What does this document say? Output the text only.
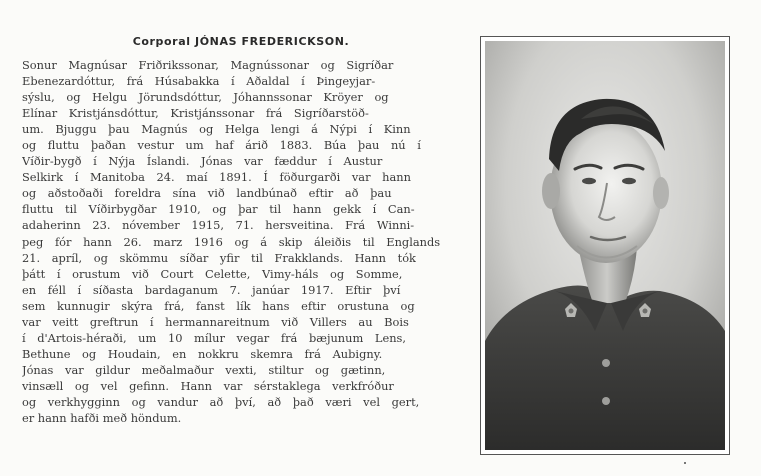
Corporal JÓNAS FREDERICKSON.
Sonur Magnúsar Friðrikssonar, Magnússonar og Sigríðar
Ebenezardóttur, frá Húsabakka í Aðaldal í Þingeyjar-
sýslu, og Helgu Jörundsdóttur, Jóhannssonar Kröyer og
Elínar Kristjánsdóttur, Kristjánssonar frá Sigríðarstöð-
um. Bjuggu þau Magnús og Helga lengi á Nýpi í Kinn
og fluttu þaðan vestur um haf árið 1883. Búa þau nú í
Víðir-bygð í Nýja Íslandi. Jónas var fæddur í Austur
Selkirk í Manitoba 24. maí 1891. Í föðurgarði var hann
og aðstoðaði foreldra sína við landbúnað eftir að þau
fluttu til Víðirbygðar 1910, og þar til hann gekk í Can-
adaherinn 23. nóvember 1915, 71. hersveitina. Frá Winni-
peg fór hann 26. marz 1916 og á skip áleiðis til Englands
21. apríl, og skömmu síðar yfir til Frakklands. Hann tók
þátt í orustum við Court Celette, Vimy-háls og Somme,
en féll í síðasta bardaganum 7. janúar 1917. Eftir því
sem kunnugir skýra frá, fanst lík hans eftir orustuna og
var veitt greftrun í hermannareitnum við Villers au Bois
í d'Artois-héraði, um 10 mílur vegar frá bæjunum Lens,
Bethune og Houdain, en nokkru skemra frá Aubigny.
Jónas var gildur meðalmaður vexti, stiltur og gætinn,
vinsæll og vel gefinn. Hann var sérstaklega verkfróður
og verkhygginn og vandur að því, að það væri vel gert,
er hann hafði með höndum.
